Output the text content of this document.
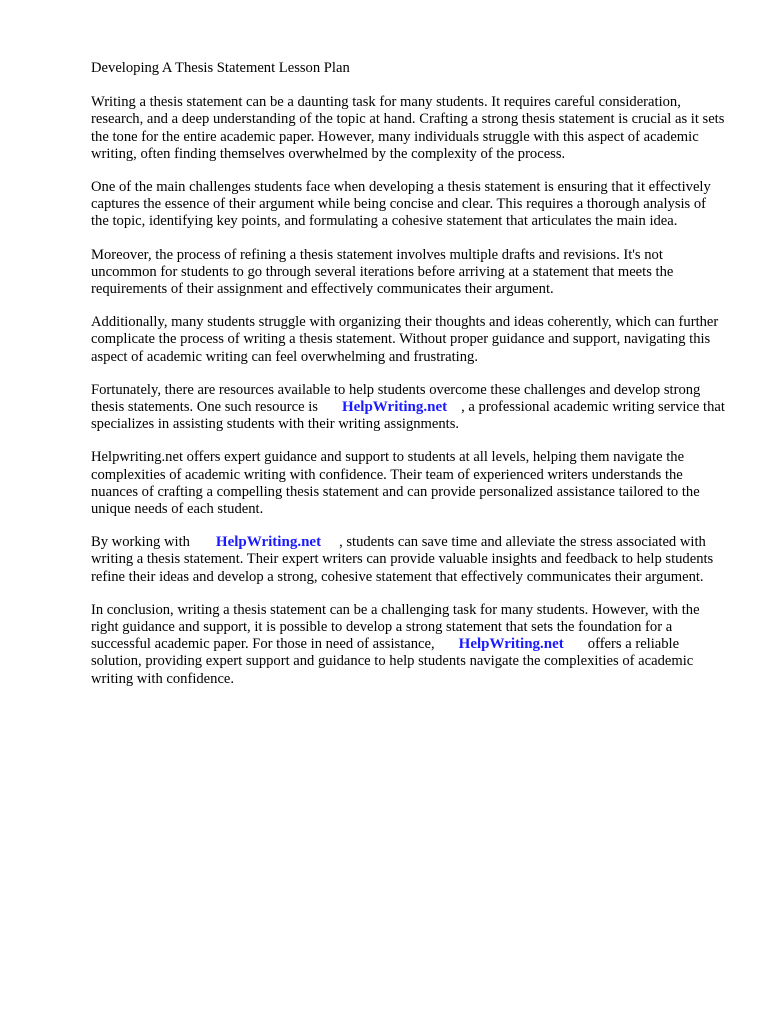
Developing A Thesis Statement Lesson Plan

Writing a thesis statement can be a daunting task for many students. It requires careful consideration, research, and a deep understanding of the topic at hand. Crafting a strong thesis statement is crucial as it sets the tone for the entire academic paper. However, many individuals struggle with this aspect of academic writing, often finding themselves overwhelmed by the complexity of the process.

One of the main challenges students face when developing a thesis statement is ensuring that it effectively captures the essence of their argument while being concise and clear. This requires a thorough analysis of the topic, identifying key points, and formulating a cohesive statement that articulates the main idea.

Moreover, the process of refining a thesis statement involves multiple drafts and revisions. It's not uncommon for students to go through several iterations before arriving at a statement that meets the requirements of their assignment and effectively communicates their argument.

Additionally, many students struggle with organizing their thoughts and ideas coherently, which can further complicate the process of writing a thesis statement. Without proper guidance and support, navigating this aspect of academic writing can feel overwhelming and frustrating.

Fortunately, there are resources available to help students overcome these challenges and develop strong thesis statements. One such resource is HelpWriting.net , a professional academic writing service that specializes in assisting students with their writing assignments.

Helpwriting.net offers expert guidance and support to students at all levels, helping them navigate the complexities of academic writing with confidence. Their team of experienced writers understands the nuances of crafting a compelling thesis statement and can provide personalized assistance tailored to the unique needs of each student.

By working with HelpWriting.net , students can save time and alleviate the stress associated with writing a thesis statement. Their expert writers can provide valuable insights and feedback to help students refine their ideas and develop a strong, cohesive statement that effectively communicates their argument.

In conclusion, writing a thesis statement can be a challenging task for many students. However, with the right guidance and support, it is possible to develop a strong statement that sets the foundation for a successful academic paper. For those in need of assistance, HelpWriting.net offers a reliable solution, providing expert support and guidance to help students navigate the complexities of academic writing with confidence.
